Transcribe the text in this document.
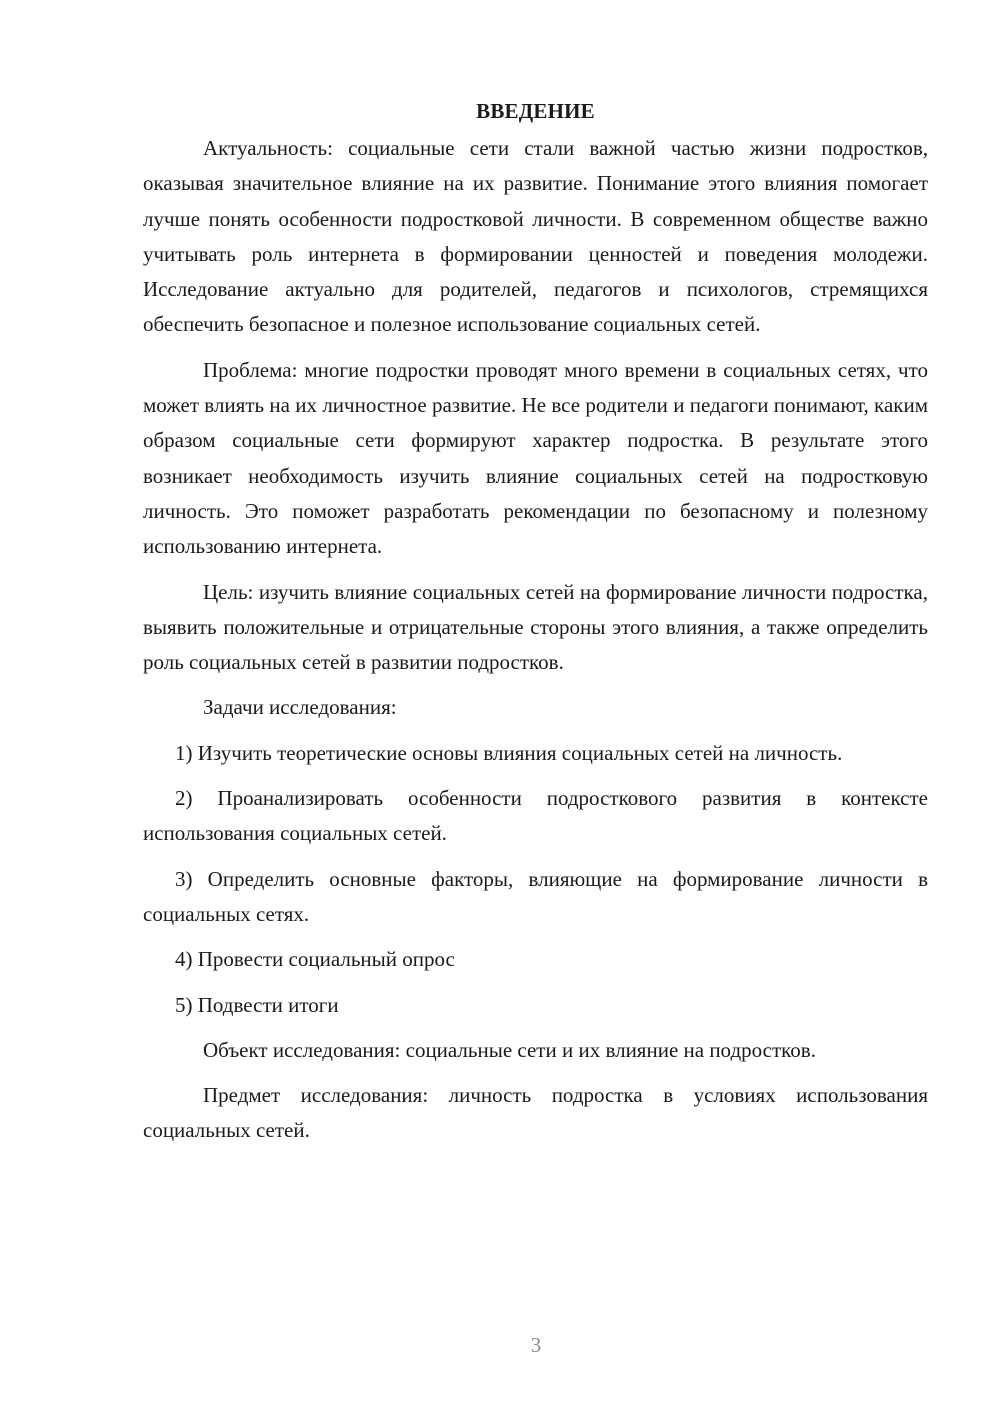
ВВЕДЕНИЕ

Актуальность: социальные сети стали важной частью жизни подростков, оказывая значительное влияние на их развитие. Понимание этого влияния помогает лучше понять особенности подростковой личности. В современном обществе важно учитывать роль интернета в формировании ценностей и поведения молодежи. Исследование актуально для родителей, педагогов и психологов, стремящихся обеспечить безопасное и полезное использование социальных сетей.

Проблема: многие подростки проводят много времени в социальных сетях, что может влиять на их личностное развитие. Не все родители и педагоги понимают, каким образом социальные сети формируют характер подростка. В результате этого возникает необходимость изучить влияние социальных сетей на подростковую личность. Это поможет разработать рекомендации по безопасному и полезному использованию интернета.

Цель: изучить влияние социальных сетей на формирование личности подростка, выявить положительные и отрицательные стороны этого влияния, а также определить роль социальных сетей в развитии подростков.

Задачи исследования:

1) Изучить теоретические основы влияния социальных сетей на личность.

2) Проанализировать особенности подросткового развития в контексте использования социальных сетей.

3) Определить основные факторы, влияющие на формирование личности в социальных сетях.

4) Провести социальный опрос

5) Подвести итоги

Объект исследования: социальные сети и их влияние на подростков.

Предмет исследования: личность подростка в условиях использования социальных сетей.

3
